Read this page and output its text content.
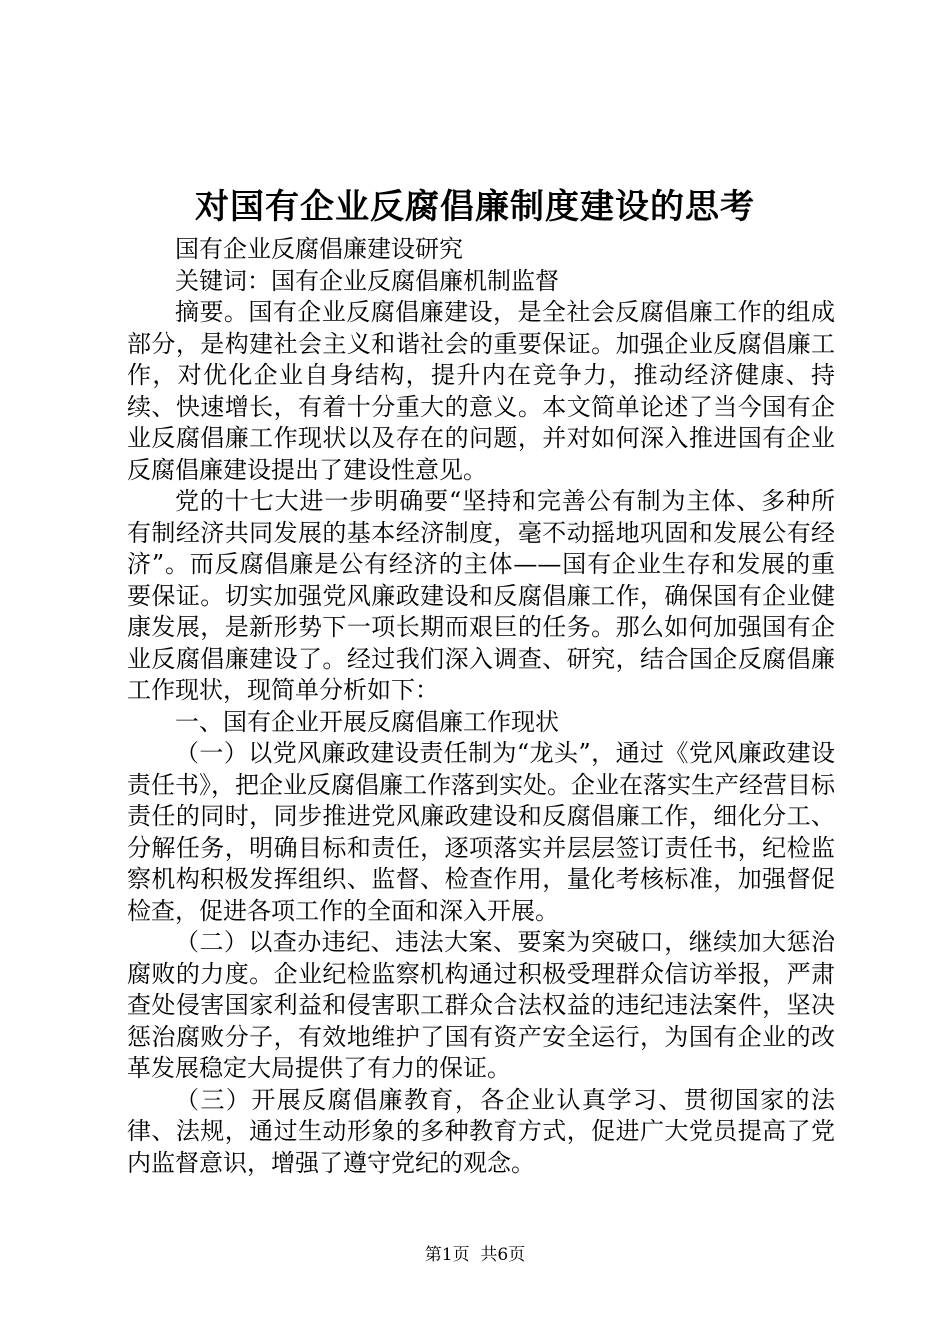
对国有企业反腐倡廉制度建设的思考

国有企业反腐倡廉建设研究

关键词：国有企业反腐倡廉机制监督

摘要。国有企业反腐倡廉建设，是全社会反腐倡廉工作的组成部分，是构建社会主义和谐社会的重要保证。加强企业反腐倡廉工作，对优化企业自身结构，提升内在竞争力，推动经济健康、持续、快速增长，有着十分重大的意义。本文简单论述了当今国有企业反腐倡廉工作现状以及存在的问题，并对如何深入推进国有企业反腐倡廉建设提出了建设性意见。

党的十七大进一步明确要“坚持和完善公有制为主体、多种所有制经济共同发展的基本经济制度，毫不动摇地巩固和发展公有经济”。而反腐倡廉是公有经济的主体——国有企业生存和发展的重要保证。切实加强党风廉政建设和反腐倡廉工作，确保国有企业健康发展，是新形势下一项长期而艰巨的任务。那么如何加强国有企业反腐倡廉建设了。经过我们深入调查、研究，结合国企反腐倡廉工作现状，现简单分析如下：

一、国有企业开展反腐倡廉工作现状

（一）以党风廉政建设责任制为“龙头”，通过《党风廉政建设责任书》，把企业反腐倡廉工作落到实处。企业在落实生产经营目标责任的同时，同步推进党风廉政建设和反腐倡廉工作，细化分工、分解任务，明确目标和责任，逐项落实并层层签订责任书，纪检监察机构积极发挥组织、监督、检查作用，量化考核标准，加强督促检查，促进各项工作的全面和深入开展。

（二）以查办违纪、违法大案、要案为突破口，继续加大惩治腐败的力度。企业纪检监察机构通过积极受理群众信访举报，严肃查处侵害国家利益和侵害职工群众合法权益的违纪违法案件，坚决惩治腐败分子，有效地维护了国有资产安全运行，为国有企业的改革发展稳定大局提供了有力的保证。

（三）开展反腐倡廉教育，各企业认真学习、贯彻国家的法律、法规，通过生动形象的多种教育方式，促进广大党员提高了党内监督意识，增强了遵守党纪的观念。

第1页  共6页
